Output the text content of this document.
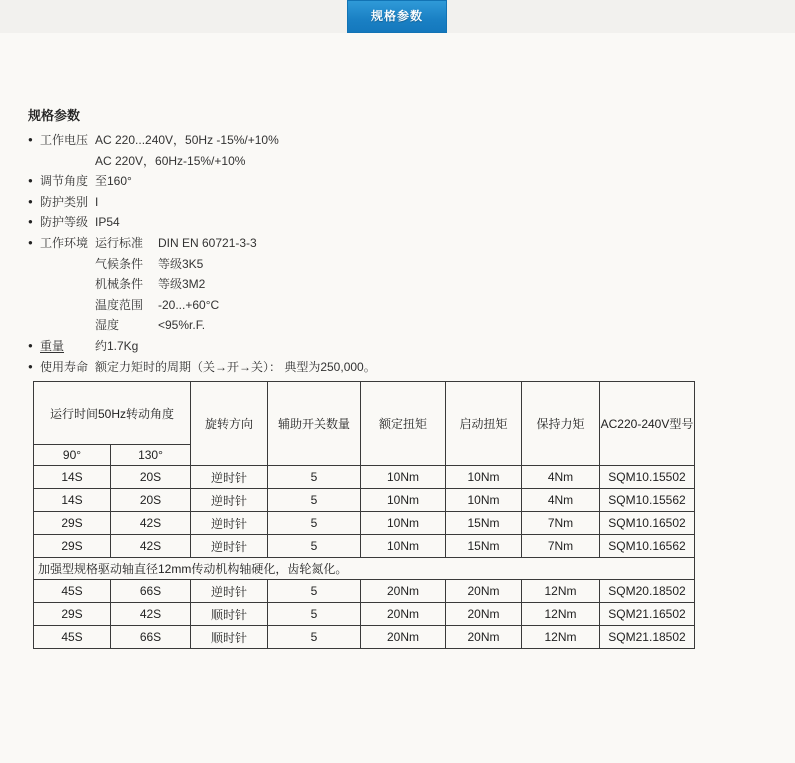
规格参数
规格参数
● 工作电压 AC 220...240V，50Hz -15%/+10%
AC 220V，60Hz-15%/+10%
● 调节角度 至160°
● 防护类别 I
● 防护等级 IP54
● 工作环境 运行标准	DIN EN 60721-3-3
气候条件	等级3K5
机械条件	等级3M2
温度范围	-20...+60°C
湿度	<95%r.F.
● 重量	约1.7Kg
● 使用寿命 额定力矩时的周期（关→开→关）： 典型为250,000。
运行时间50Hz转动角度		旋转方向	辅助开关数量	额定扭矩	启动扭矩	保持力矩	AC220-240V型号
90°	130°						
14S	20S	逆时针	5	10Nm	10Nm	4Nm	SQM10.15502
14S	20S	逆时针	5	10Nm	10Nm	4Nm	SQM10.15562
29S	42S	逆时针	5	10Nm	15Nm	7Nm	SQM10.16502
29S	42S	逆时针	5	10Nm	15Nm	7Nm	SQM10.16562
加强型规格驱动轴直径12mm传动机构轴硬化，齿轮氮化。							
45S	66S	逆时针	5	20Nm	20Nm	12Nm	SQM20.18502
29S	42S	顺时针	5	20Nm	20Nm	12Nm	SQM21.16502
45S	66S	顺时针	5	20Nm	20Nm	12Nm	SQM21.18502
